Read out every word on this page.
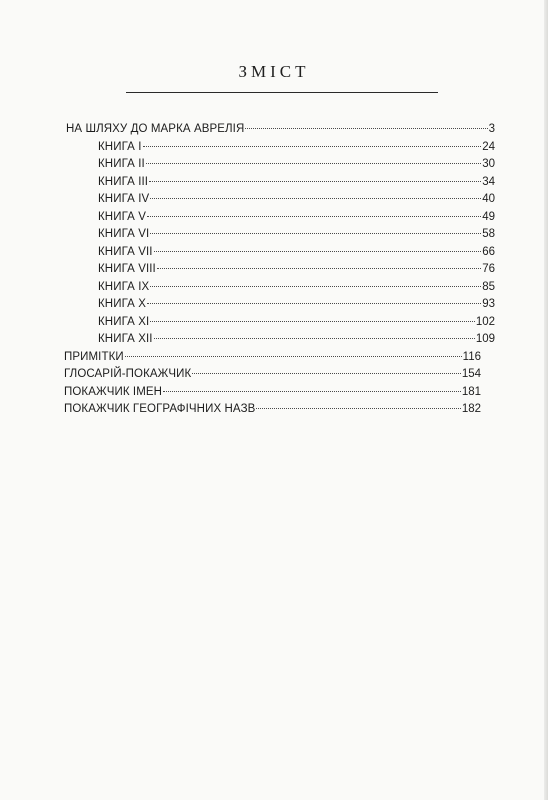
ЗМІСТ
НА ШЛЯХУ ДО МАРКА АВРЕЛІЯ	3
КНИГА І	24
КНИГА ІІ	30
КНИГА ІІІ	34
КНИГА IV	40
КНИГА V	49
КНИГА VI	58
КНИГА VII	66
КНИГА VIII	76
КНИГА ІХ	85
КНИГА Х	93
КНИГА ХІ	102
КНИГА ХІІ	109
ПРИМІТКИ	116
ГЛОСАРІЙ-ПОКАЖЧИК	154
ПОКАЖЧИК ІМЕН	181
ПОКАЖЧИК ГЕОГРАФІЧНИХ НАЗВ	182
